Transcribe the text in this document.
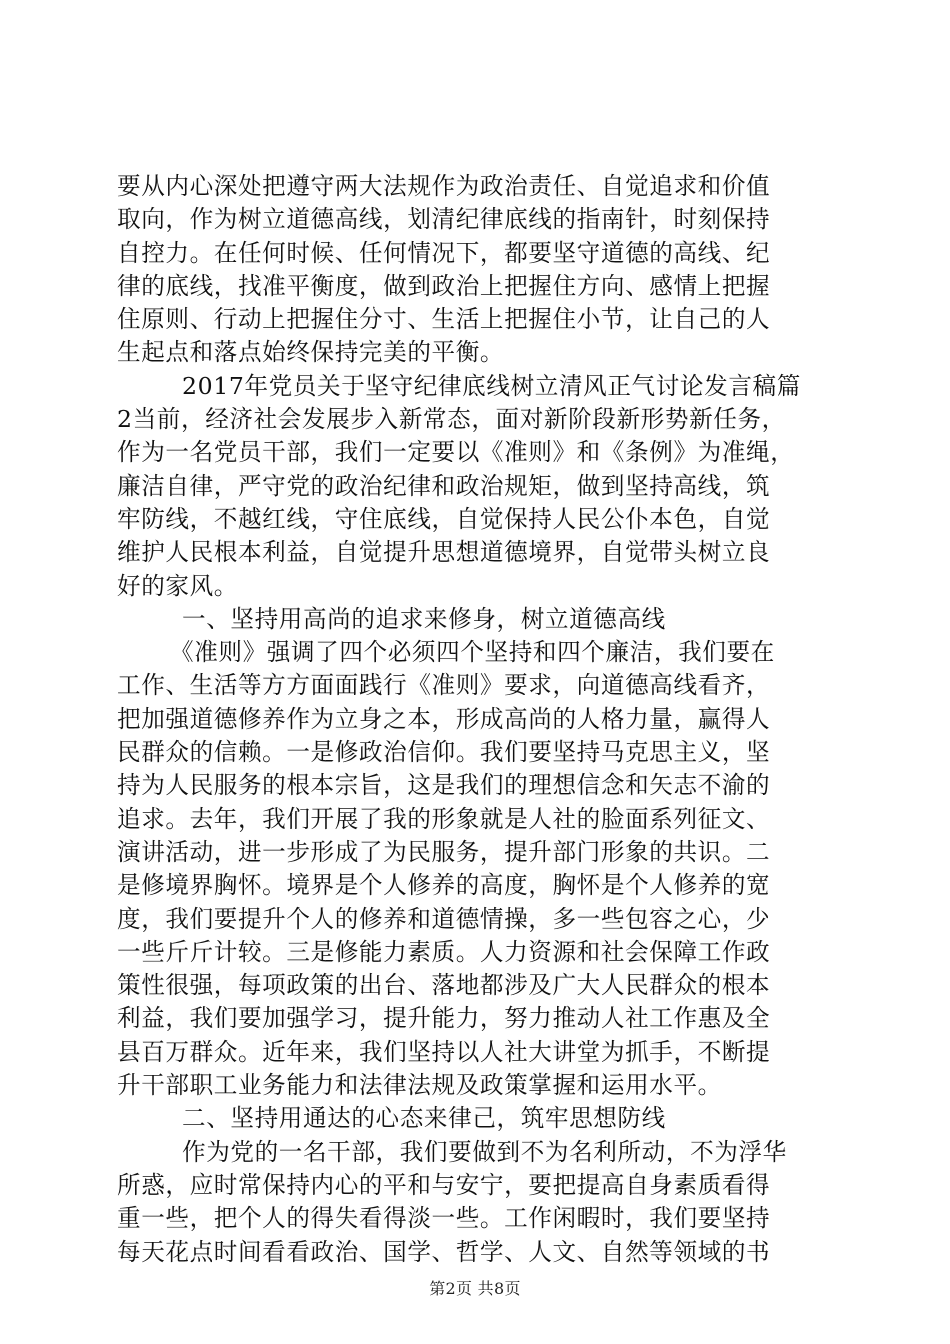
要从内心深处把遵守两大法规作为政治责任、自觉追求和价值
取向，作为树立道德高线，划清纪律底线的指南针，时刻保持
自控力。在任何时候、任何情况下，都要坚守道德的高线、纪
律的底线，找准平衡度，做到政治上把握住方向、感情上把握
住原则、行动上把握住分寸、生活上把握住小节，让自己的人
生起点和落点始终保持完美的平衡。
2017年党员关于坚守纪律底线树立清风正气讨论发言稿篇
2当前，经济社会发展步入新常态，面对新阶段新形势新任务，
作为一名党员干部，我们一定要以《准则》和《条例》为准绳，
廉洁自律，严守党的政治纪律和政治规矩，做到坚持高线，筑
牢防线，不越红线，守住底线，自觉保持人民公仆本色，自觉
维护人民根本利益，自觉提升思想道德境界，自觉带头树立良
好的家风。
一、坚持用高尚的追求来修身，树立道德高线
《准则》强调了四个必须四个坚持和四个廉洁，我们要在
工作、生活等方方面面践行《准则》要求，向道德高线看齐，
把加强道德修养作为立身之本，形成高尚的人格力量，赢得人
民群众的信赖。一是修政治信仰。我们要坚持马克思主义，坚
持为人民服务的根本宗旨，这是我们的理想信念和矢志不渝的
追求。去年，我们开展了我的形象就是人社的脸面系列征文、
演讲活动，进一步形成了为民服务，提升部门形象的共识。二
是修境界胸怀。境界是个人修养的高度，胸怀是个人修养的宽
度，我们要提升个人的修养和道德情操，多一些包容之心，少
一些斤斤计较。三是修能力素质。人力资源和社会保障工作政
策性很强，每项政策的出台、落地都涉及广大人民群众的根本
利益，我们要加强学习，提升能力，努力推动人社工作惠及全
县百万群众。近年来，我们坚持以人社大讲堂为抓手，不断提
升干部职工业务能力和法律法规及政策掌握和运用水平。
二、坚持用通达的心态来律己，筑牢思想防线
作为党的一名干部，我们要做到不为名利所动，不为浮华
所惑，应时常保持内心的平和与安宁，要把提高自身素质看得
重一些，把个人的得失看得淡一些。工作闲暇时，我们要坚持
每天花点时间看看政治、国学、哲学、人文、自然等领域的书
第2页 共8页
